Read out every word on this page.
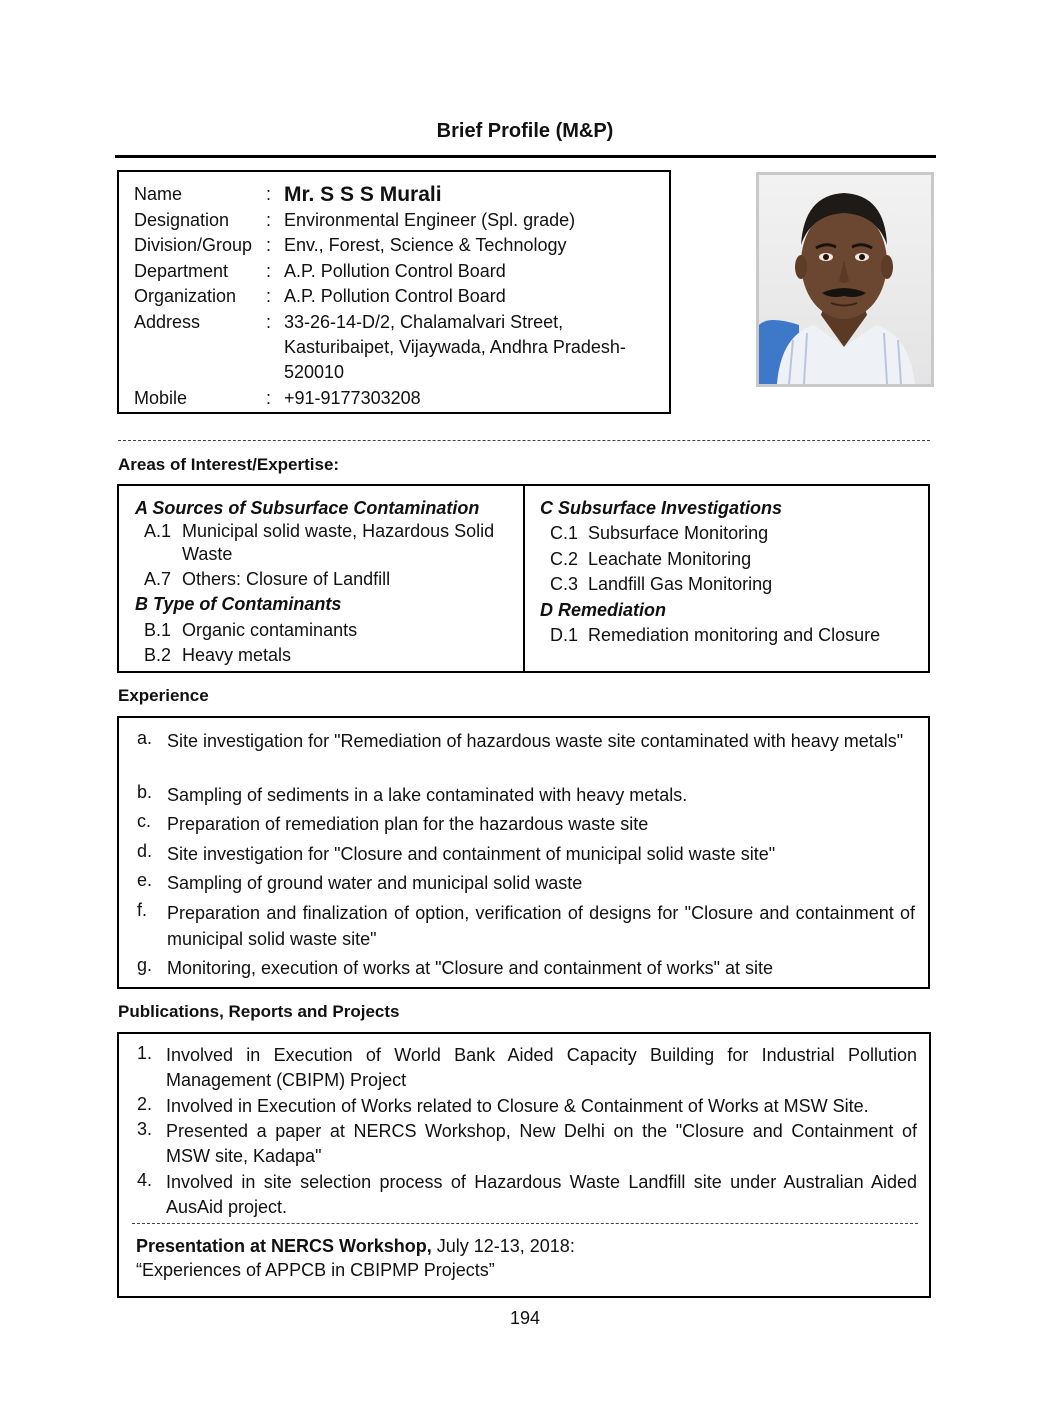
Brief Profile (M&P)
Name	: Mr. S S S Murali
Designation	: Environmental Engineer (Spl. grade)
Division/Group : Env., Forest, Science & Technology
Department	: A.P. Pollution Control Board
Organization	: A.P. Pollution Control Board
Address	: 33-26-14-D/2, Chalamalvari Street,
Kasturibaipet, Vijaywada, Andhra Pradesh-
520010
Mobile	: +91-9177303208
Areas of Interest/Expertise:
A Sources of Subsurface Contamination
A.1 Municipal solid waste, Hazardous Solid
Waste
A.7 Others: Closure of Landfill
B Type of Contaminants
B.1 Organic contaminants
B.2 Heavy metals
C Subsurface Investigations
C.1 Subsurface Monitoring
C.2 Leachate Monitoring
C.3 Landfill Gas Monitoring
D Remediation
D.1 Remediation monitoring and Closure
Experience
a. Site investigation for "Remediation of hazardous waste site contaminated with heavy metals"
b. Sampling of sediments in a lake contaminated with heavy metals.
c. Preparation of remediation plan for the hazardous waste site
d. Site investigation for "Closure and containment of municipal solid waste site"
e. Sampling of ground water and municipal solid waste
f. Preparation and finalization of option, verification of designs for "Closure and containment of municipal solid waste site"
g. Monitoring, execution of works at "Closure and containment of works" at site
Publications, Reports and Projects
1. Involved in Execution of World Bank Aided Capacity Building for Industrial Pollution Management (CBIPM) Project
2. Involved in Execution of Works related to Closure & Containment of Works at MSW Site.
3. Presented a paper at NERCS Workshop, New Delhi on the "Closure and Containment of MSW site, Kadapa"
4. Involved in site selection process of Hazardous Waste Landfill site under Australian Aided AusAid project.
Presentation at NERCS Workshop, July 12-13, 2018:
“Experiences of APPCB in CBIPMP Projects”
194
